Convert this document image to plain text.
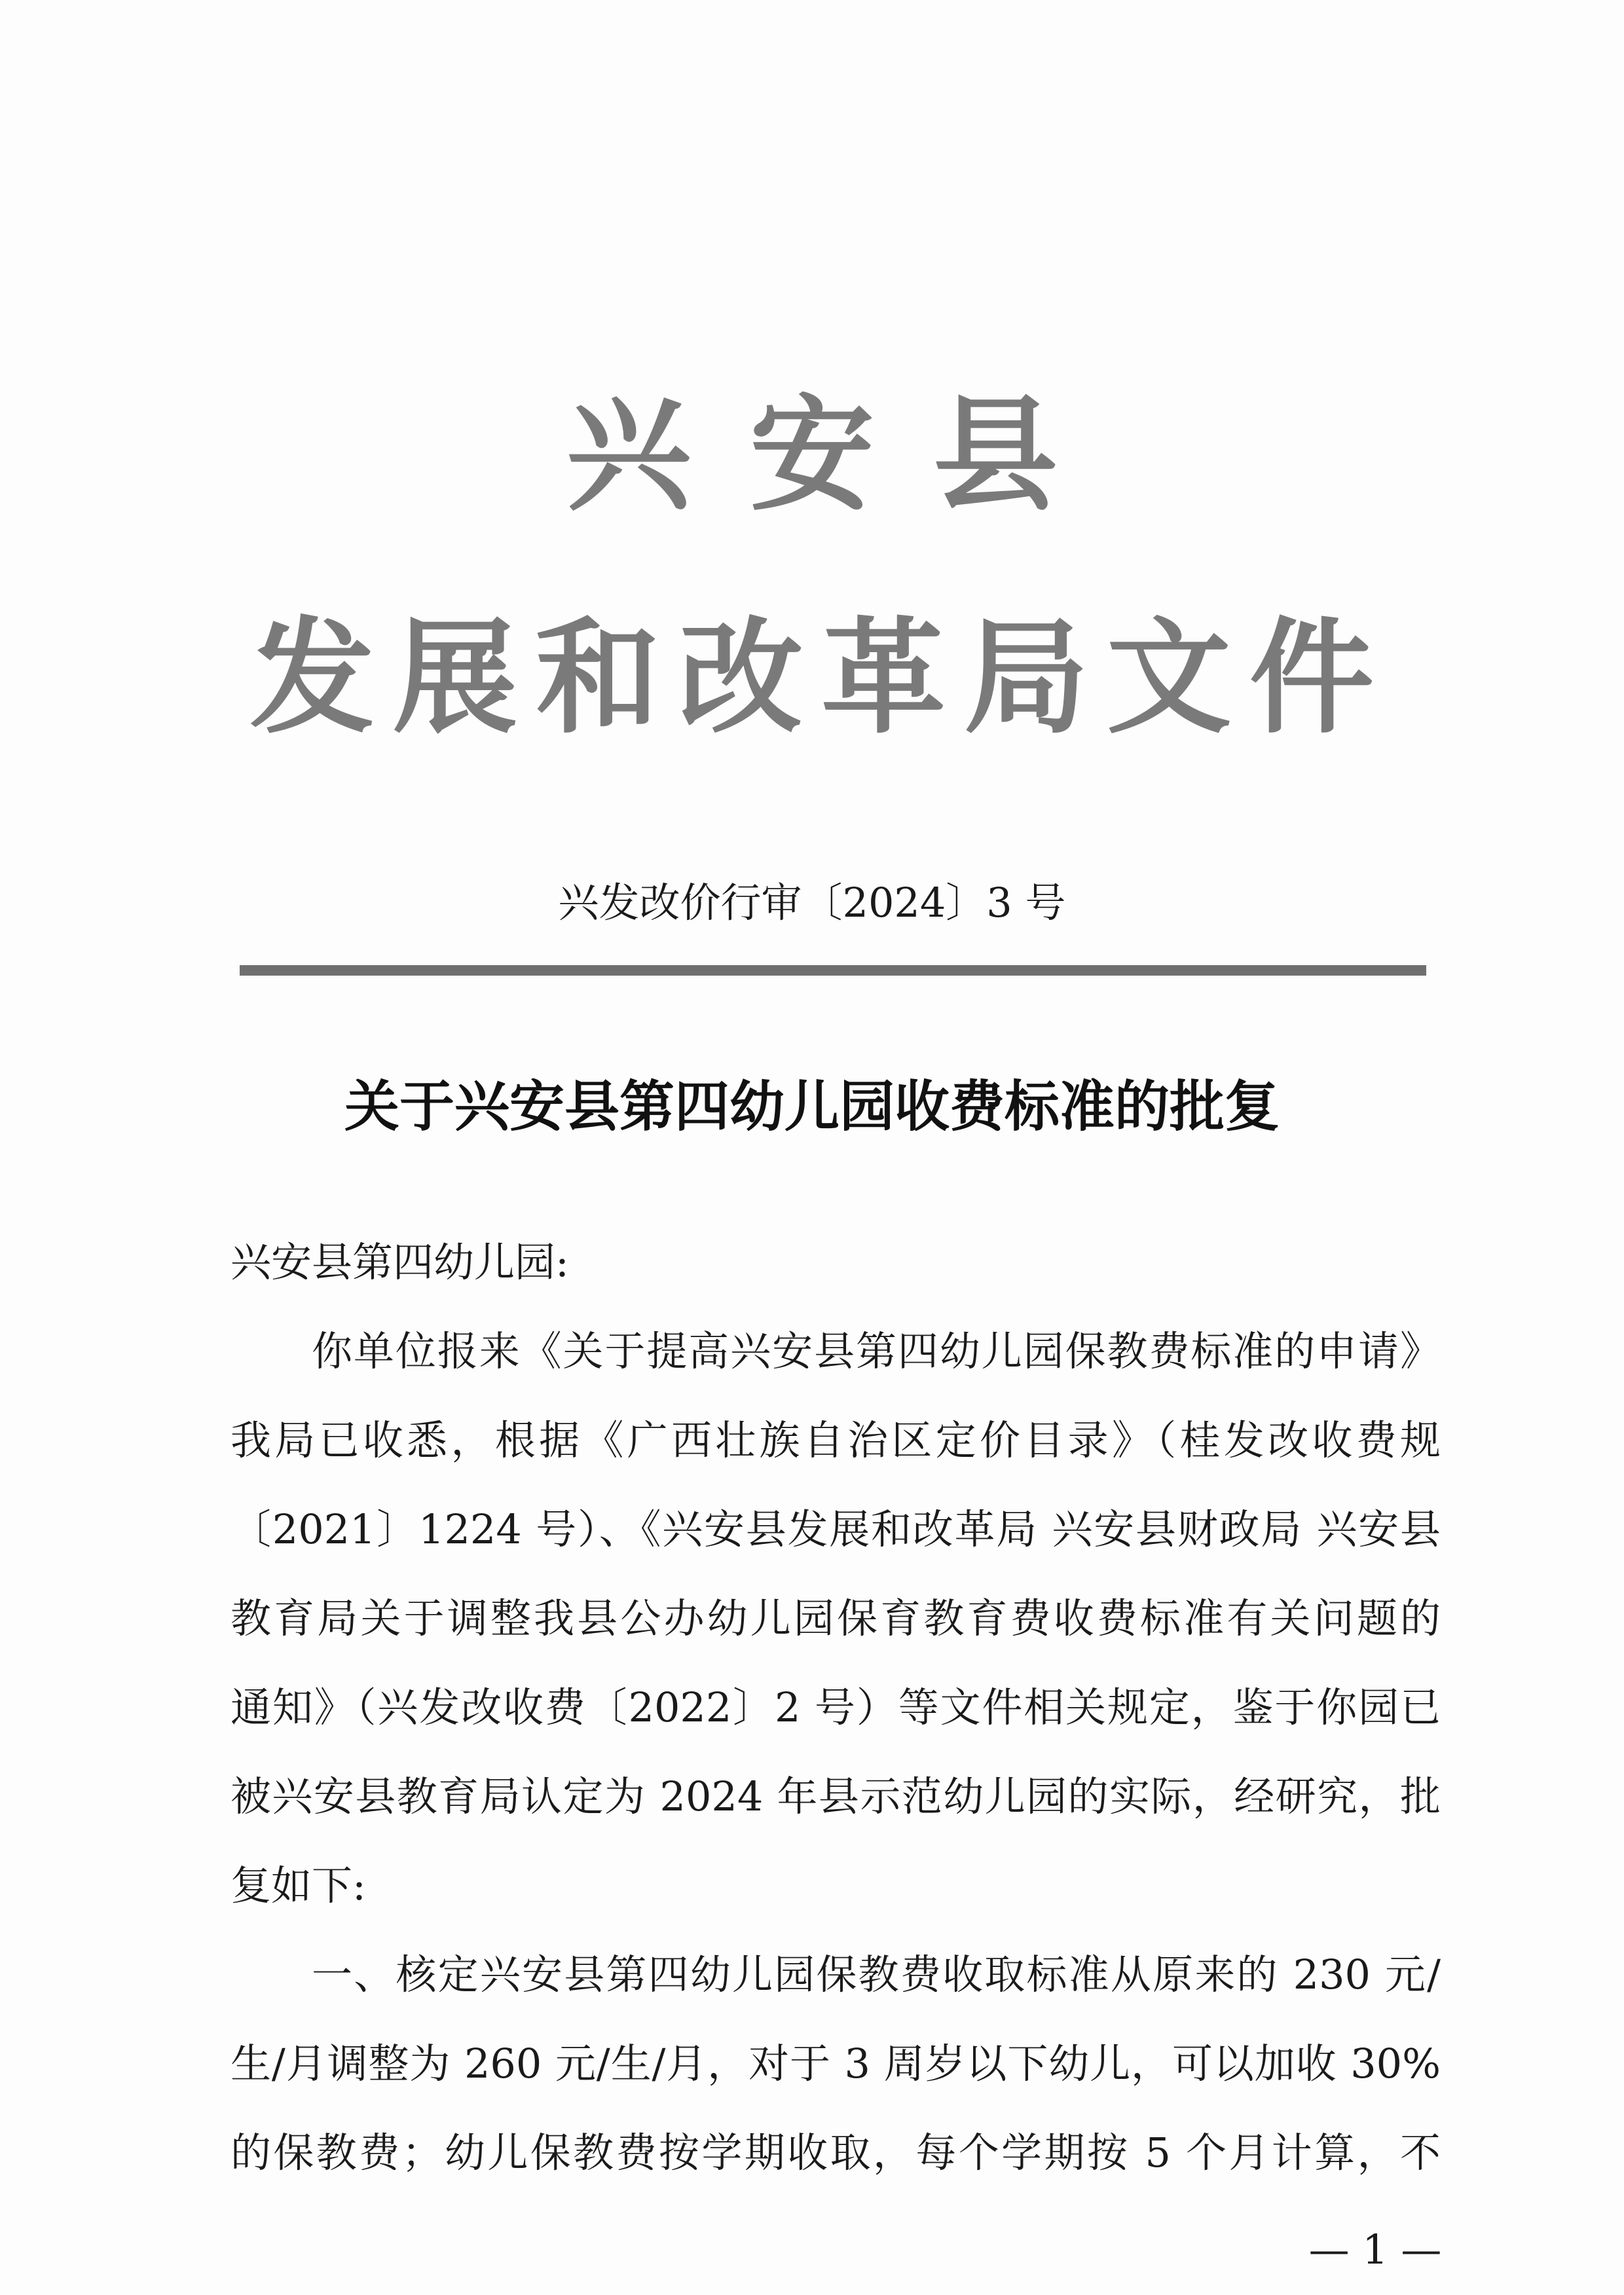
兴安县
发展和改革局文件
兴发改价行审〔2024〕3 号
关于兴安县第四幼儿园收费标准的批复
兴安县第四幼儿园:
你单位报来《关于提高兴安县第四幼儿园保教费标准的申请》
我局已收悉，根据《广西壮族自治区定价目录》（桂发改收费规
〔2021〕1224 号）、《兴安县发展和改革局 兴安县财政局 兴安县
教育局关于调整我县公办幼儿园保育教育费收费标准有关问题的
通知》（兴发改收费〔2022〕2 号）等文件相关规定，鉴于你园已
被兴安县教育局认定为 2024 年县示范幼儿园的实际，经研究，批
复如下:
一、核定兴安县第四幼儿园保教费收取标准从原来的 230 元/
生/月调整为 260 元/生/月，对于 3 周岁以下幼儿，可以加收 30%
的保教费；幼儿保教费按学期收取，每个学期按 5 个月计算，不
— 1 —
